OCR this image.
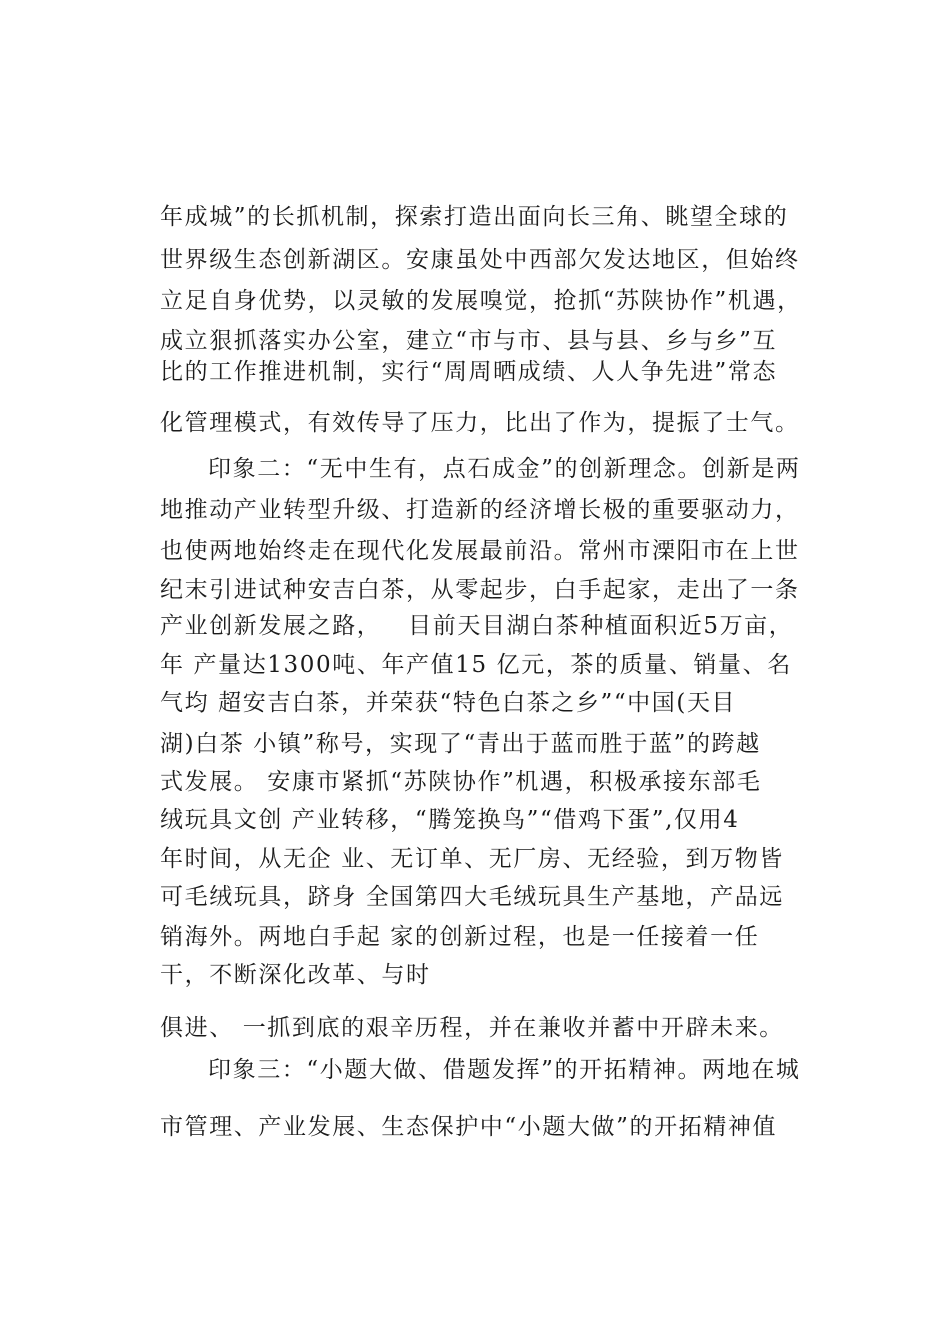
年成城”的长抓机制，探索打造出面向长三角、眺望全球的
世界级生态创新湖区。安康虽处中西部欠发达地区，但始终
立足自身优势，以灵敏的发展嗅觉，抢抓“苏陕协作”机遇，
成立狠抓落实办公室，建立“市与市、县与县、乡与乡”互
比的工作推进机制，实行“周周晒成绩、人人争先进”常态
化管理模式，有效传导了压力，比出了作为，提振了士气。
印象二：“无中生有，点石成金”的创新理念。创新是两
地推动产业转型升级、打造新的经济增长极的重要驱动力，
也使两地始终走在现代化发展最前沿。常州市溧阳市在上世
纪末引进试种安吉白茶，从零起步，白手起家，走出了一条
产业创新发展之路，   目前天目湖白茶种植面积近5万亩，
年 产量达1300吨、年产值15 亿元，茶的质量、销量、名
气均 超安吉白茶，并荣获“特色白茶之乡”“中国(天目
湖)白茶 小镇”称号，实现了“青出于蓝而胜于蓝”的跨越
式发展。 安康市紧抓“苏陕协作”机遇，积极承接东部毛
绒玩具文创 产业转移，“腾笼换鸟”“借鸡下蛋”,仅用4
年时间，从无企 业、无订单、无厂房、无经验，到万物皆
可毛绒玩具，跻身 全国第四大毛绒玩具生产基地，产品远
销海外。两地白手起 家的创新过程，也是一任接着一任
干，不断深化改革、与时
俱进、 一抓到底的艰辛历程，并在兼收并蓄中开辟未来。
印象三：“小题大做、借题发挥”的开拓精神。两地在城
市管理、产业发展、生态保护中“小题大做”的开拓精神值
